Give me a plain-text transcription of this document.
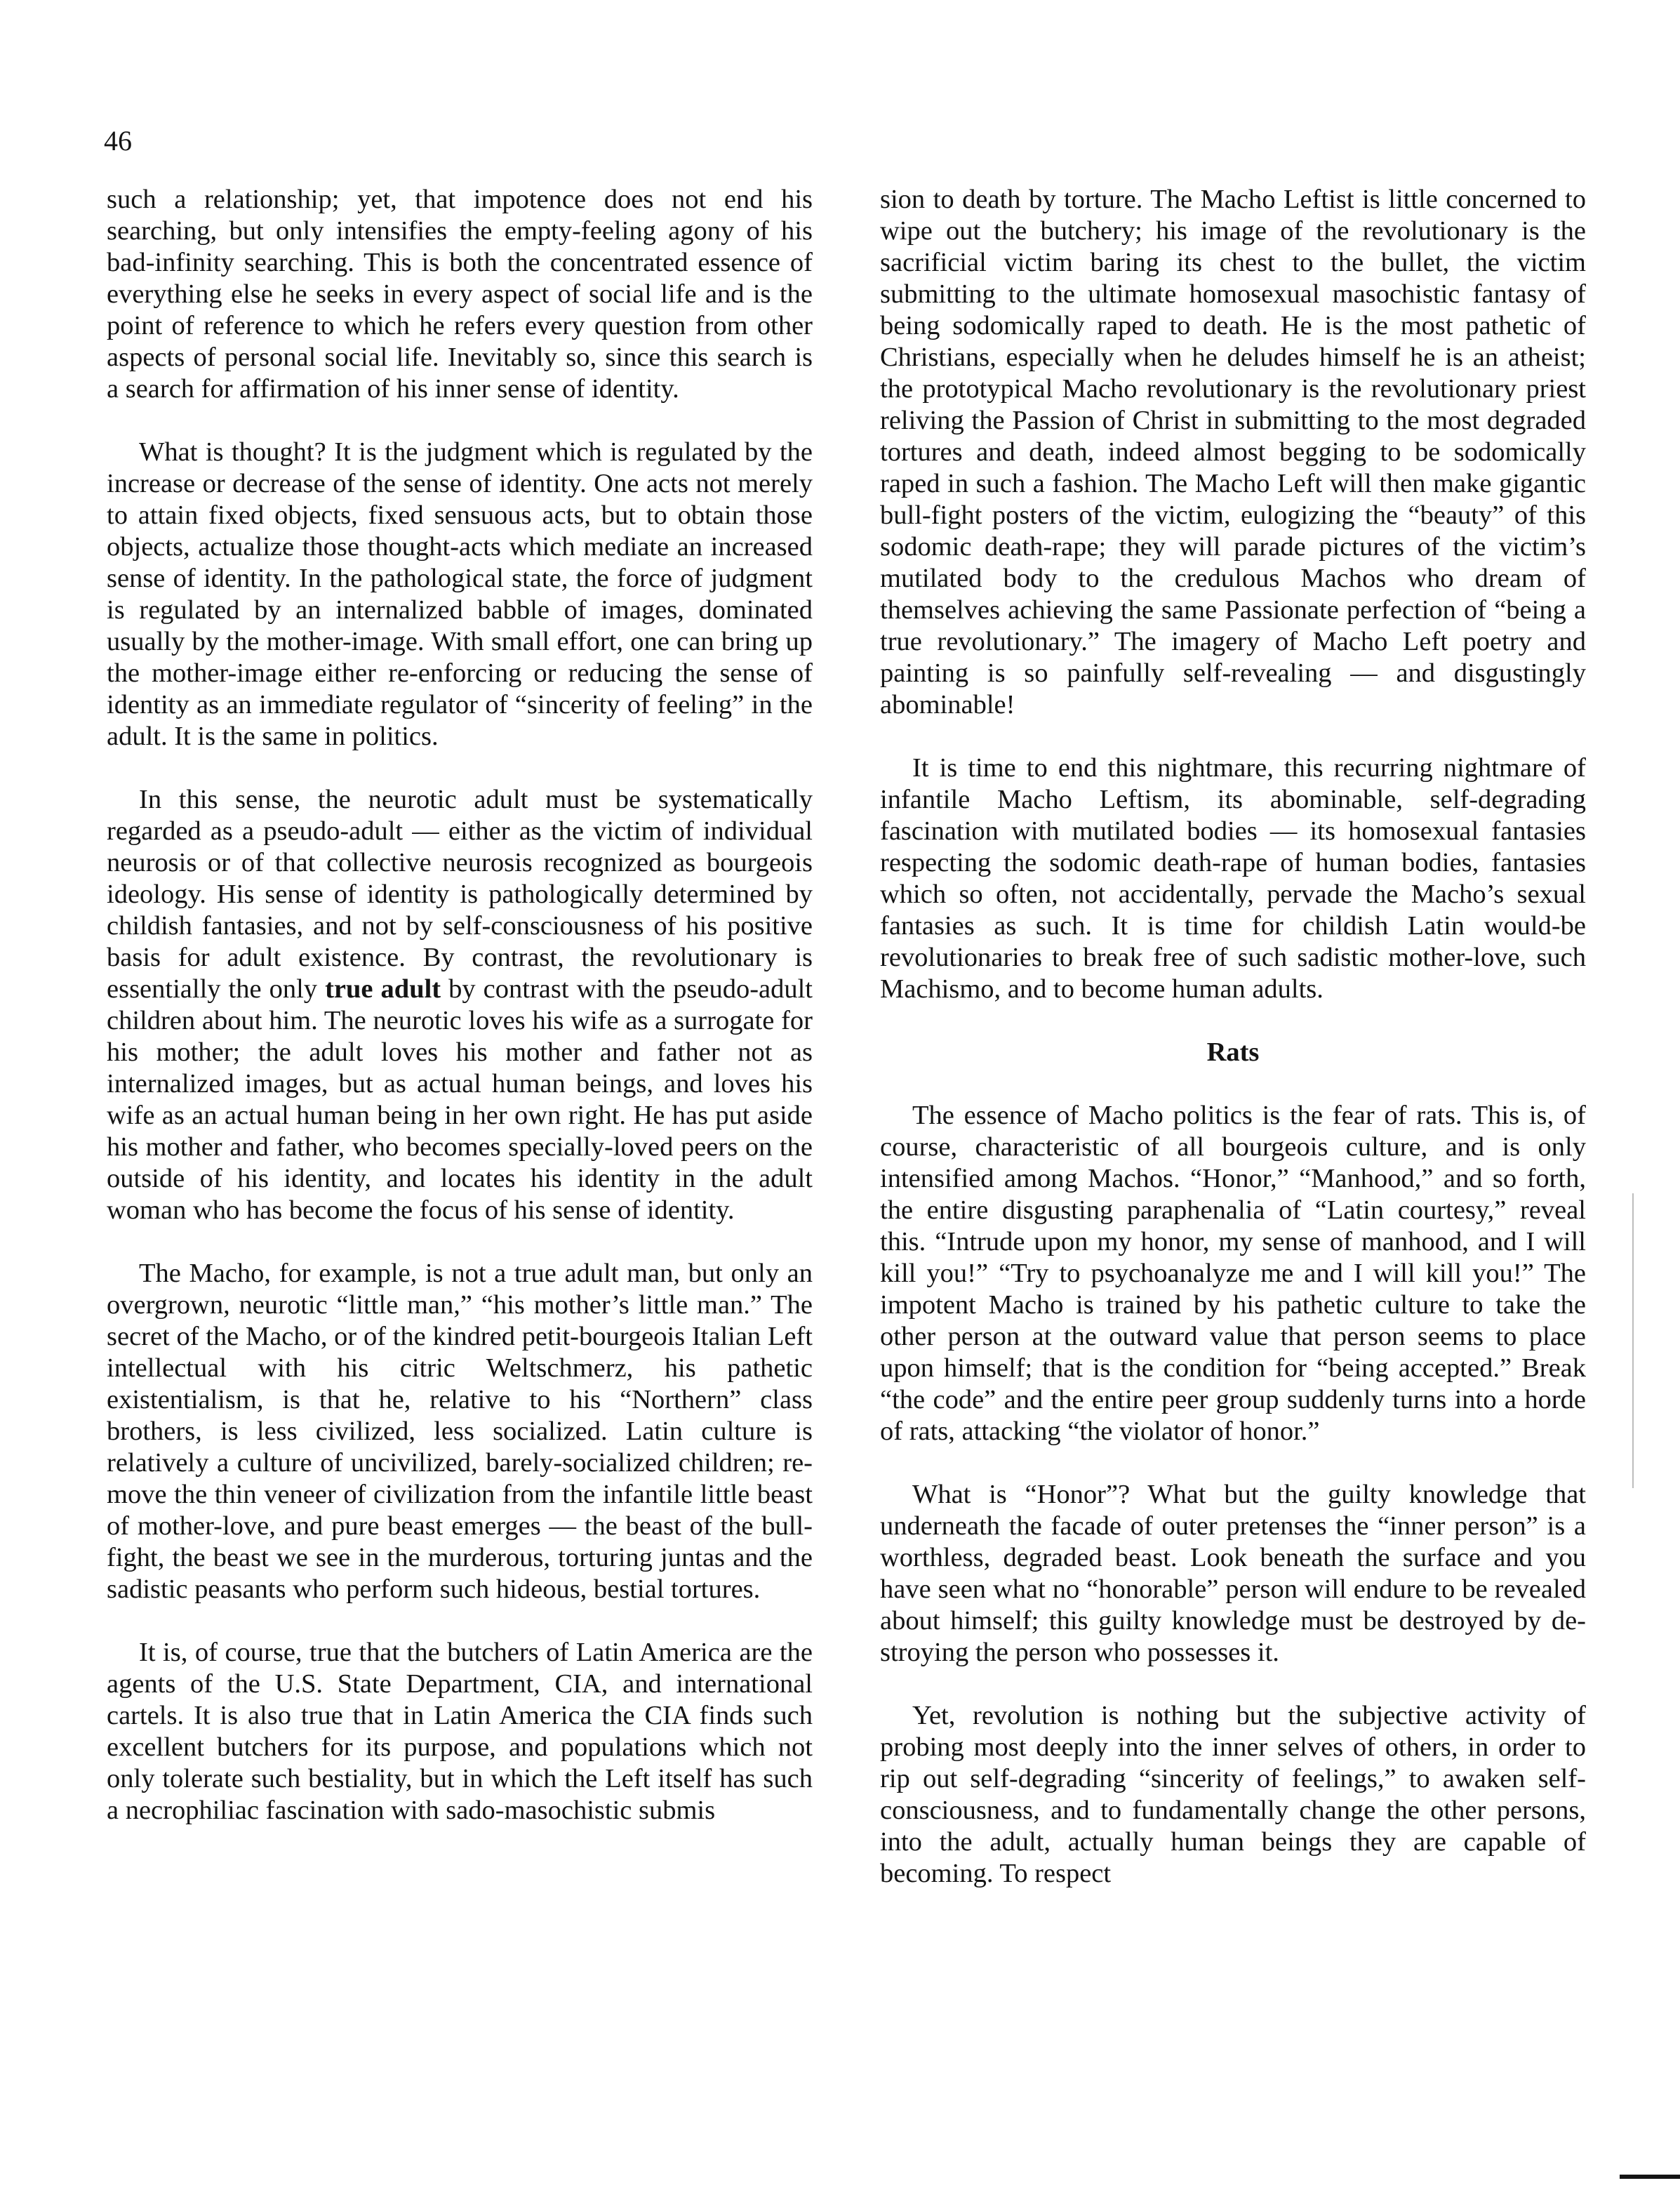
46

such a relationship; yet, that impotence does not end his searching, but only intensifies the empty-feeling agony of his bad-infinity searching. This is both the concentrated essence of everything else he seeks in every aspect of social life and is the point of reference to which he refers every question from other aspects of personal social life. Inevitably so, since this search is a search for affirmation of his inner sense of identity.

What is thought? It is the judgment which is regulated by the increase or decrease of the sense of identity. One acts not merely to attain fixed objects, fixed sensuous acts, but to obtain those objects, actualize those thought-acts which mediate an increased sense of identity. In the pathological state, the force of judgment is regulated by an internalized babble of images, dominated usually by the mother-image. With small effort, one can bring up the mother-image either re-enforcing or reducing the sense of identity as an immediate regulator of “sincerity of feeling” in the adult. It is the same in politics.

In this sense, the neurotic adult must be systematically regarded as a pseudo-adult — either as the victim of individual neurosis or of that collective neurosis recognized as bourgeois ideology. His sense of identity is pathologically determined by childish fantasies, and not by self-consciousness of his positive basis for adult existence. By contrast, the revolutionary is essentially the only true adult by contrast with the pseudo-adult children about him. The neurotic loves his wife as a surrogate for his mother; the adult loves his mother and father not as internalized images, but as actual human beings, and loves his wife as an actual human being in her own right. He has put aside his mother and father, who becomes specially-loved peers on the outside of his identity, and locates his identity in the adult woman who has become the focus of his sense of identity.

The Macho, for example, is not a true adult man, but only an overgrown, neurotic “little man,” “his mother’s little man.” The secret of the Macho, or of the kindred petit-bourgeois Italian Left intellectual with his citric Weltschmerz, his pathetic existentialism, is that he, relative to his “Northern” class brothers, is less civilized, less socialized. Latin culture is relatively a culture of uncivilized, barely-socialized children; remove the thin veneer of civilization from the infantile little beast of mother-love, and pure beast emerges — the beast of the bull-fight, the beast we see in the murderous, torturing juntas and the sadistic peasants who perform such hideous, bestial tortures.

It is, of course, true that the butchers of Latin America are the agents of the U.S. State Department, CIA, and international cartels. It is also true that in Latin America the CIA finds such excellent butchers for its purpose, and populations which not only tolerate such bestiality, but in which the Left itself has such a necrophiliac fascination with sado-masochistic submis

sion to death by torture. The Macho Leftist is little concerned to wipe out the butchery; his image of the revolutionary is the sacrificial victim baring its chest to the bullet, the victim submitting to the ultimate homosexual masochistic fantasy of being sodomically raped to death. He is the most pathetic of Christians, especially when he deludes himself he is an atheist; the prototypical Macho revolutionary is the revolutionary priest reliving the Passion of Christ in submitting to the most degraded tortures and death, indeed almost begging to be sodomically raped in such a fashion. The Macho Left will then make gigantic bull-fight posters of the victim, eulogizing the “beauty” of this sodomic death-rape; they will parade pictures of the victim’s mutilated body to the credulous Machos who dream of themselves achieving the same Passionate perfection of “being a true revolutionary.” The imagery of Macho Left poetry and painting is so painfully self-revealing — and disgustingly abominable!

It is time to end this nightmare, this recurring nightmare of infantile Macho Leftism, its abominable, self-degrading fascination with mutilated bodies — its homosexual fantasies respecting the sodomic death-rape of human bodies, fantasies which so often, not accidentally, pervade the Macho’s sexual fantasies as such. It is time for childish Latin would-be revolutionaries to break free of such sadistic mother-love, such Machismo, and to become human adults.

Rats

The essence of Macho politics is the fear of rats. This is, of course, characteristic of all bourgeois culture, and is only intensified among Machos. “Honor,” “Manhood,” and so forth, the entire disgusting paraphenalia of “Latin courtesy,” reveal this. “Intrude upon my honor, my sense of manhood, and I will kill you!” “Try to psychoanalyze me and I will kill you!” The impotent Macho is trained by his pathetic culture to take the other person at the outward value that person seems to place upon himself; that is the condition for “being accepted.” Break “the code” and the entire peer group suddenly turns into a horde of rats, attacking “the violator of honor.”

What is “Honor”? What but the guilty knowledge that underneath the facade of outer pretenses the “inner person” is a worthless, degraded beast. Look beneath the surface and you have seen what no “honorable” person will endure to be revealed about himself; this guilty knowledge must be destroyed by destroying the person who possesses it.

Yet, revolution is nothing but the subjective activity of probing most deeply into the inner selves of others, in order to rip out self-degrading “sincerity of feelings,” to awaken self-consciousness, and to fundamentally change the other persons, into the adult, actually human beings they are capable of becoming. To respect
